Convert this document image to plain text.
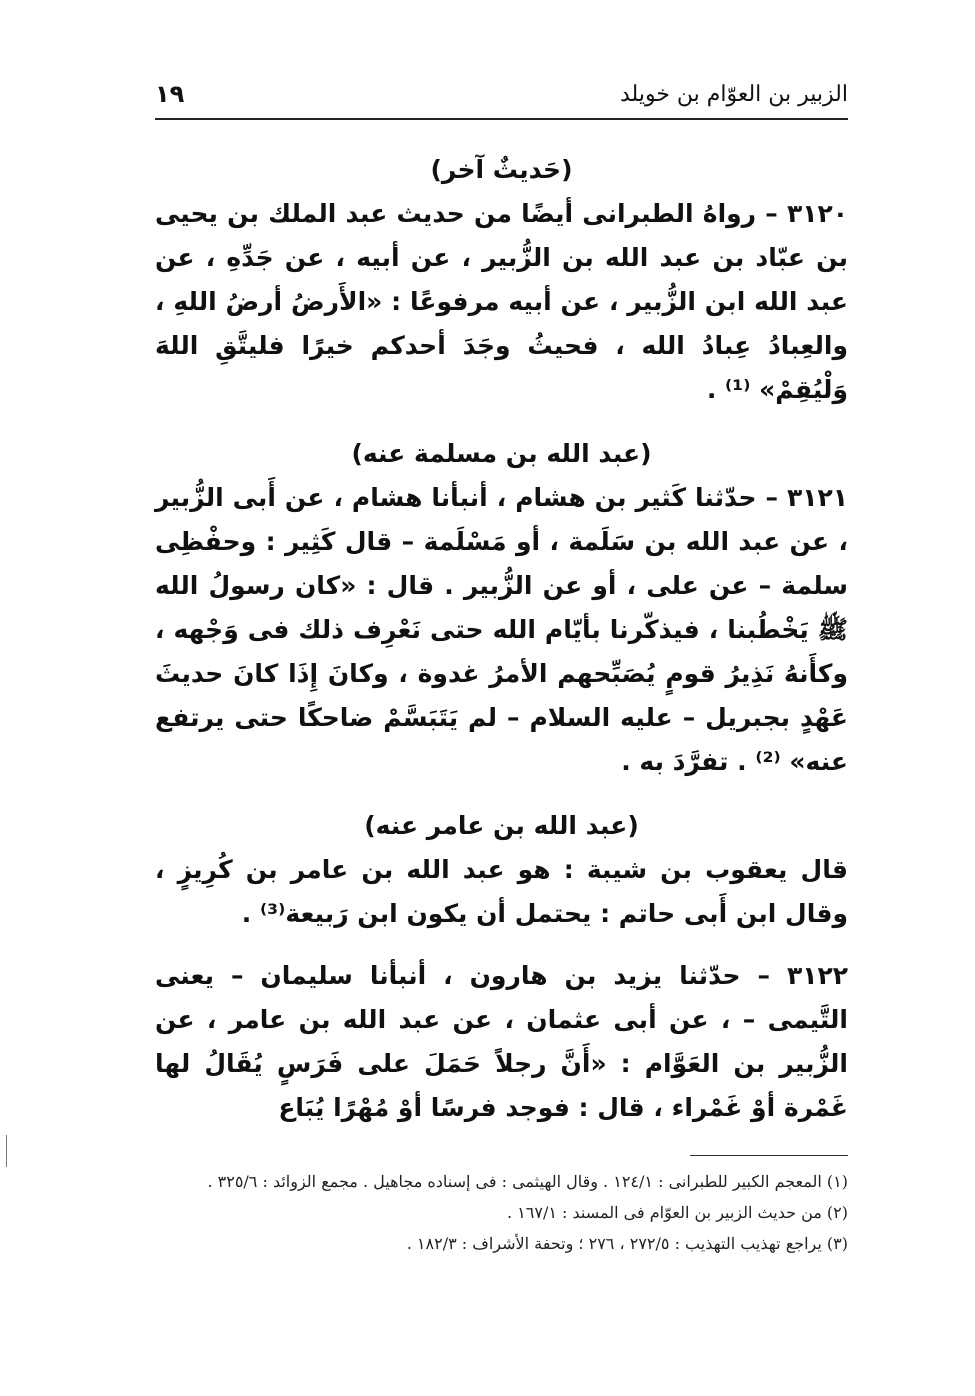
الزبير بن العوّام بن خويلد
١٩
(حَديثٌ آخر)

٣١٢٠ – رواهُ الطبرانى أيضًا من حديث عبد الملك بن يحيى بن عبّاد بن عبد الله بن الزُّبير ، عن أبيه ، عن جَدِّهِ ، عن عبد الله ابن الزُّبير ، عن أبيه مرفوعًا : «الأَرضُ أرضُ اللهِ ، والعِبادُ عِبادُ الله ، فحيثُ وجَدَ أحدكم خيرًا فليتَّقِ اللهَ وَلْيُقِمْ» ⁽¹⁾ .

(عبد الله بن مسلمة عنه)

٣١٢١ – حدّثنا كَثير بن هشام ، أنبأنا هشام ، عن أَبى الزُّبير ، عن عبد الله بن سَلَمة ، أو مَسْلَمة – قال كَثِير : وحفْظِى سلمة – عن على ، أو عن الزُّبير . قال : «كان رسولُ الله ﷺ يَخْطُبنا ، فيذكّرنا بأيّام الله حتى نَعْرِف ذلك فى وَجْهه ، وكأَنهُ نَذِيرُ قومٍ يُصَبِّحهم الأمرُ غدوة ، وكانَ إِذَا كانَ حديثَ عَهْدٍ بجبريل – عليه السلام – لم يَتَبَسَّمْ ضاحكًا حتى يرتفع عنه» ⁽²⁾ . تفرَّدَ به .

(عبد الله بن عامر عنه)

قال يعقوب بن شيبة : هو عبد الله بن عامر بن كُرِيزٍ ، وقال ابن أَبى حاتم : يحتمل أن يكون ابن رَبيعة⁽³⁾ .

٣١٢٢ – حدّثنا يزيد بن هارون ، أنبأنا سليمان – يعنى التَّيمى – ، عن أبى عثمان ، عن عبد الله بن عامر ، عن الزُّبير بن العَوَّام : «أَنَّ رجلاً حَمَلَ على فَرَسٍ يُقَالُ لها غَمْرة أوْ غَمْراء ، قال : فوجد فرسًا أوْ مُهْرًا يُبَاع

(١) المعجم الكبير للطبرانى : ١٢٤/١ . وقال الهيثمى : فى إسناده مجاهيل . مجمع الزوائد : ٣٢٥/٦ .

(٢) من حديث الزبير بن العوّام فى المسند : ١٦٧/١ .

(٣) يراجع تهذيب التهذيب : ٢٧٢/٥ ، ٢٧٦ ؛ وتحفة الأشراف : ١٨٢/٣ .
